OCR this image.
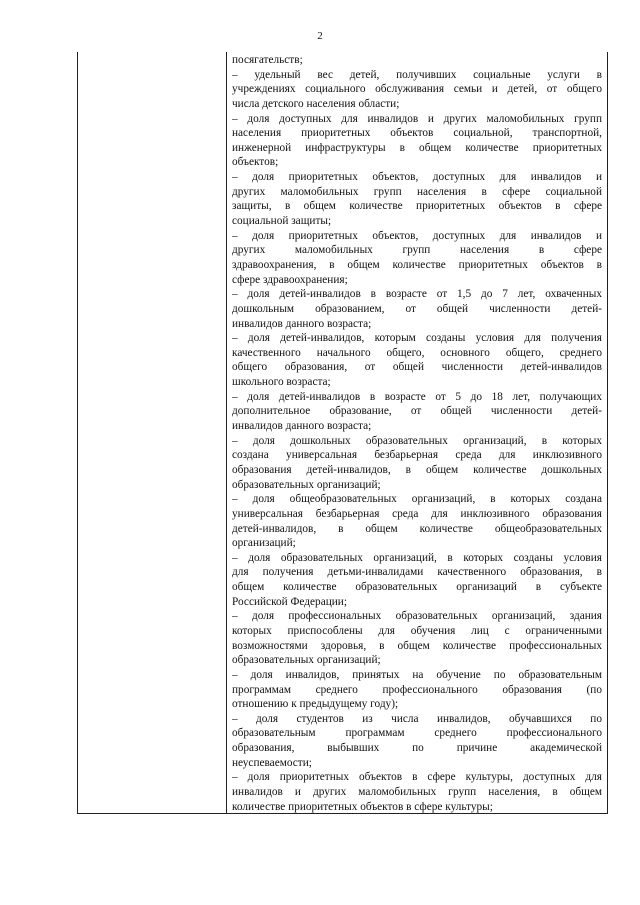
2
посягательств;
– удельный вес детей, получивших социальные услуги в
учреждениях социального обслуживания семьи и детей, от общего
числа детского населения области;
– доля доступных для инвалидов и других маломобильных групп
населения приоритетных объектов социальной, транспортной,
инженерной инфраструктуры в общем количестве приоритетных
объектов;
– доля приоритетных объектов, доступных для инвалидов и
других маломобильных групп населения в сфере социальной
защиты, в общем количестве приоритетных объектов в сфере
социальной защиты;
– доля приоритетных объектов, доступных для инвалидов и
других маломобильных групп населения в сфере
здравоохранения, в общем количестве приоритетных объектов в
сфере здравоохранения;
– доля детей-инвалидов в возрасте от 1,5 до 7 лет, охваченных
дошкольным образованием, от общей численности детей-
инвалидов данного возраста;
– доля детей-инвалидов, которым созданы условия для получения
качественного начального общего, основного общего, среднего
общего образования, от общей численности детей-инвалидов
школьного возраста;
– доля детей-инвалидов в возрасте от 5 до 18 лет, получающих
дополнительное образование, от общей численности детей-
инвалидов данного возраста;
– доля дошкольных образовательных организаций, в которых
создана универсальная безбарьерная среда для инклюзивного
образования детей-инвалидов, в общем количестве дошкольных
образовательных организаций;
– доля общеобразовательных организаций, в которых создана
универсальная безбарьерная среда для инклюзивного образования
детей-инвалидов, в общем количестве общеобразовательных
организаций;
– доля образовательных организаций, в которых созданы условия
для получения детьми-инвалидами качественного образования, в
общем количестве образовательных организаций в субъекте
Российской Федерации;
– доля профессиональных образовательных организаций, здания
которых приспособлены для обучения лиц с ограниченными
возможностями здоровья, в общем количестве профессиональных
образовательных организаций;
– доля инвалидов, принятых на обучение по образовательным
программам среднего профессионального образования (по
отношению к предыдущему году);
– доля студентов из числа инвалидов, обучавшихся по
образовательным программам среднего профессионального
образования, выбывших по причине академической
неуспеваемости;
– доля приоритетных объектов в сфере культуры, доступных для
инвалидов и других маломобильных групп населения, в общем
количестве приоритетных объектов в сфере культуры;
